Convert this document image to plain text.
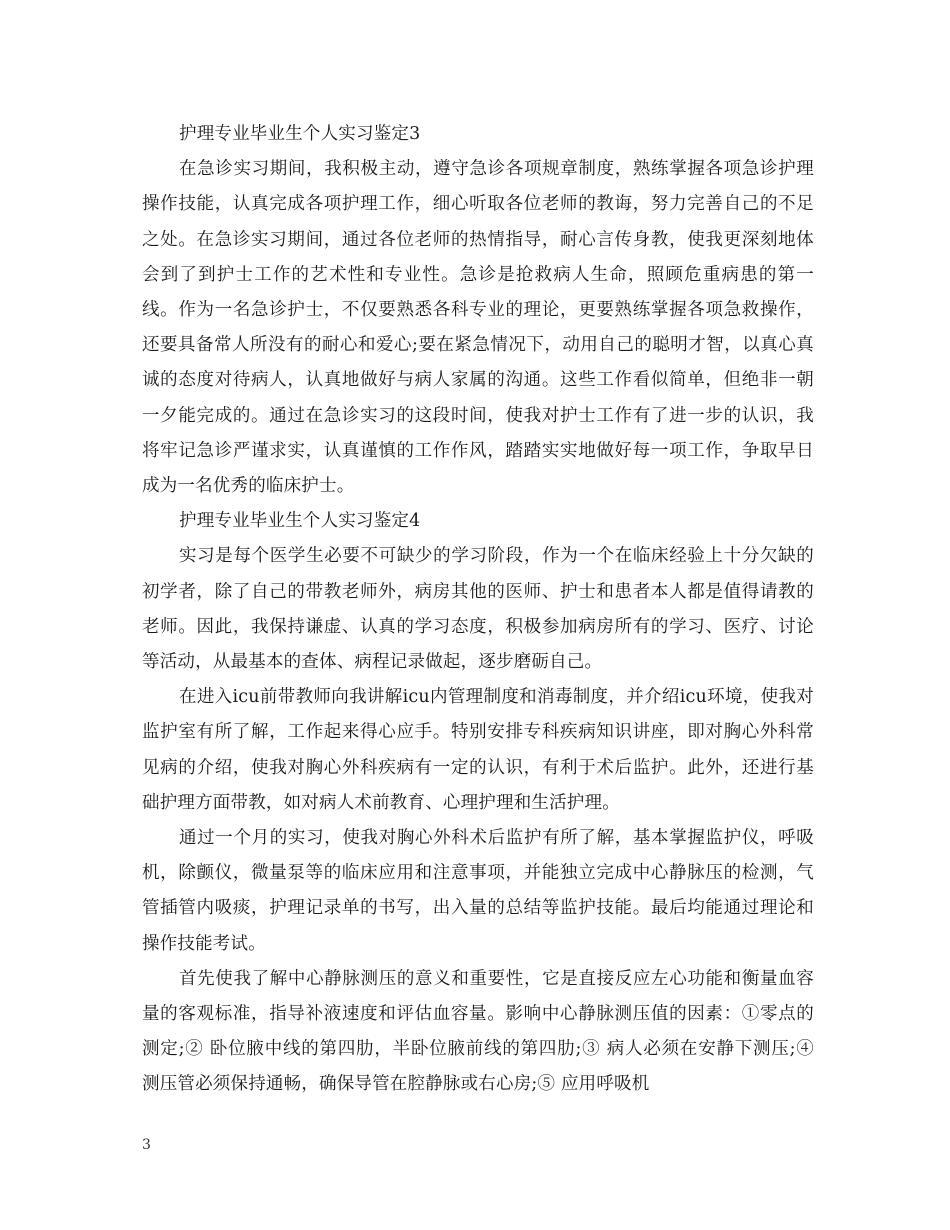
护理专业毕业生个人实习鉴定3

在急诊实习期间，我积极主动，遵守急诊各项规章制度，熟练掌握各项急诊护理操作技能，认真完成各项护理工作，细心听取各位老师的教诲，努力完善自己的不足之处。在急诊实习期间，通过各位老师的热情指导，耐心言传身教，使我更深刻地体会到了到护士工作的艺术性和专业性。急诊是抢救病人生命，照顾危重病患的第一线。作为一名急诊护士，不仅要熟悉各科专业的理论，更要熟练掌握各项急救操作，还要具备常人所没有的耐心和爱心;要在紧急情况下，动用自己的聪明才智，以真心真诚的态度对待病人，认真地做好与病人家属的沟通。这些工作看似简单，但绝非一朝一夕能完成的。通过在急诊实习的这段时间，使我对护士工作有了进一步的认识，我将牢记急诊严谨求实，认真谨慎的工作作风，踏踏实实地做好每一项工作，争取早日成为一名优秀的临床护士。

护理专业毕业生个人实习鉴定4

实习是每个医学生必要不可缺少的学习阶段，作为一个在临床经验上十分欠缺的初学者，除了自己的带教老师外，病房其他的医师、护士和患者本人都是值得请教的老师。因此，我保持谦虚、认真的学习态度，积极参加病房所有的学习、医疗、讨论等活动，从最基本的查体、病程记录做起，逐步磨砺自己。

在进入icu前带教师向我讲解icu内管理制度和消毒制度，并介绍icu环境，使我对监护室有所了解，工作起来得心应手。特别安排专科疾病知识讲座，即对胸心外科常见病的介绍，使我对胸心外科疾病有一定的认识，有利于术后监护。此外，还进行基础护理方面带教，如对病人术前教育、心理护理和生活护理。

通过一个月的实习，使我对胸心外科术后监护有所了解，基本掌握监护仪，呼吸机，除颤仪，微量泵等的临床应用和注意事项，并能独立完成中心静脉压的检测，气管插管内吸痰，护理记录单的书写，出入量的总结等监护技能。最后均能通过理论和操作技能考试。

首先使我了解中心静脉测压的意义和重要性，它是直接反应左心功能和衡量血容量的客观标准，指导补液速度和评估血容量。影响中心静脉测压值的因素：①零点的测定;② 卧位腋中线的第四肋，半卧位腋前线的第四肋;③ 病人必须在安静下测压;④ 测压管必须保持通畅，确保导管在腔静脉或右心房;⑤ 应用呼吸机

3
